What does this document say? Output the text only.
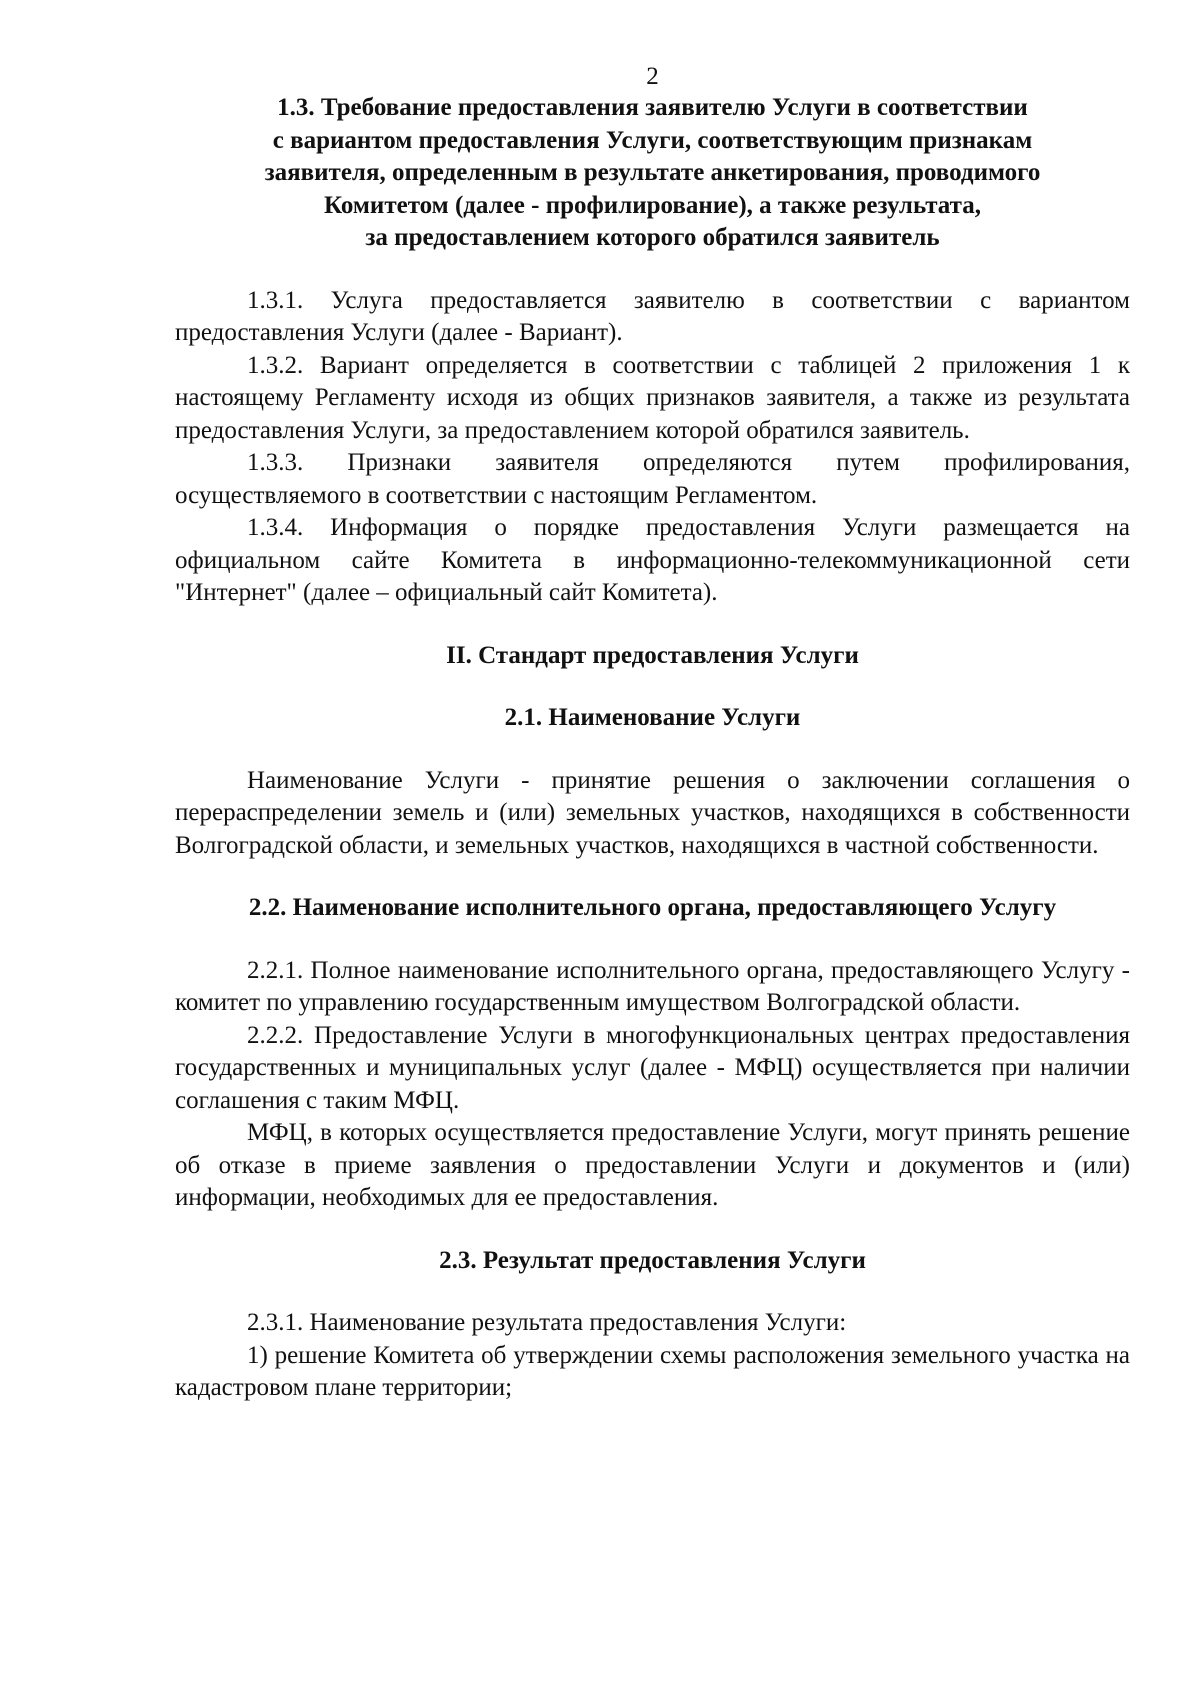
2
1.3. Требование предоставления заявителю Услуги в соответствии
с вариантом предоставления Услуги, соответствующим признакам
заявителя, определенным в результате анкетирования, проводимого
Комитетом (далее - профилирование), а также результата,
за предоставлением которого обратился заявитель

1.3.1. Услуга предоставляется заявителю в соответствии с вариантом предоставления Услуги (далее - Вариант).

1.3.2. Вариант определяется в соответствии с таблицей 2 приложения 1 к настоящему Регламенту исходя из общих признаков заявителя, а также из результата предоставления Услуги, за предоставлением которой обратился заявитель.

1.3.3. Признаки заявителя определяются путем профилирования, осуществляемого в соответствии с настоящим Регламентом.

1.3.4. Информация о порядке предоставления Услуги размещается на официальном сайте Комитета в информационно-телекоммуникационной сети "Интернет" (далее – официальный сайт Комитета).

II. Стандарт предоставления Услуги
2.1. Наименование Услуги

Наименование Услуги - принятие решения о заключении соглашения о перераспределении земель и (или) земельных участков, находящихся в собственности Волгоградской области, и земельных участков, находящихся в частной собственности.

2.2. Наименование исполнительного органа, предоставляющего Услугу

2.2.1. Полное наименование исполнительного органа, предоставляющего Услугу - комитет по управлению государственным имуществом Волгоградской области.

2.2.2. Предоставление Услуги в многофункциональных центрах предоставления государственных и муниципальных услуг (далее - МФЦ) осуществляется при наличии соглашения с таким МФЦ.

МФЦ, в которых осуществляется предоставление Услуги, могут принять решение об отказе в приеме заявления о предоставлении Услуги и документов и (или) информации, необходимых для ее предоставления.

2.3. Результат предоставления Услуги

2.3.1. Наименование результата предоставления Услуги:

1) решение Комитета об утверждении схемы расположения земельного участка на кадастровом плане территории;
